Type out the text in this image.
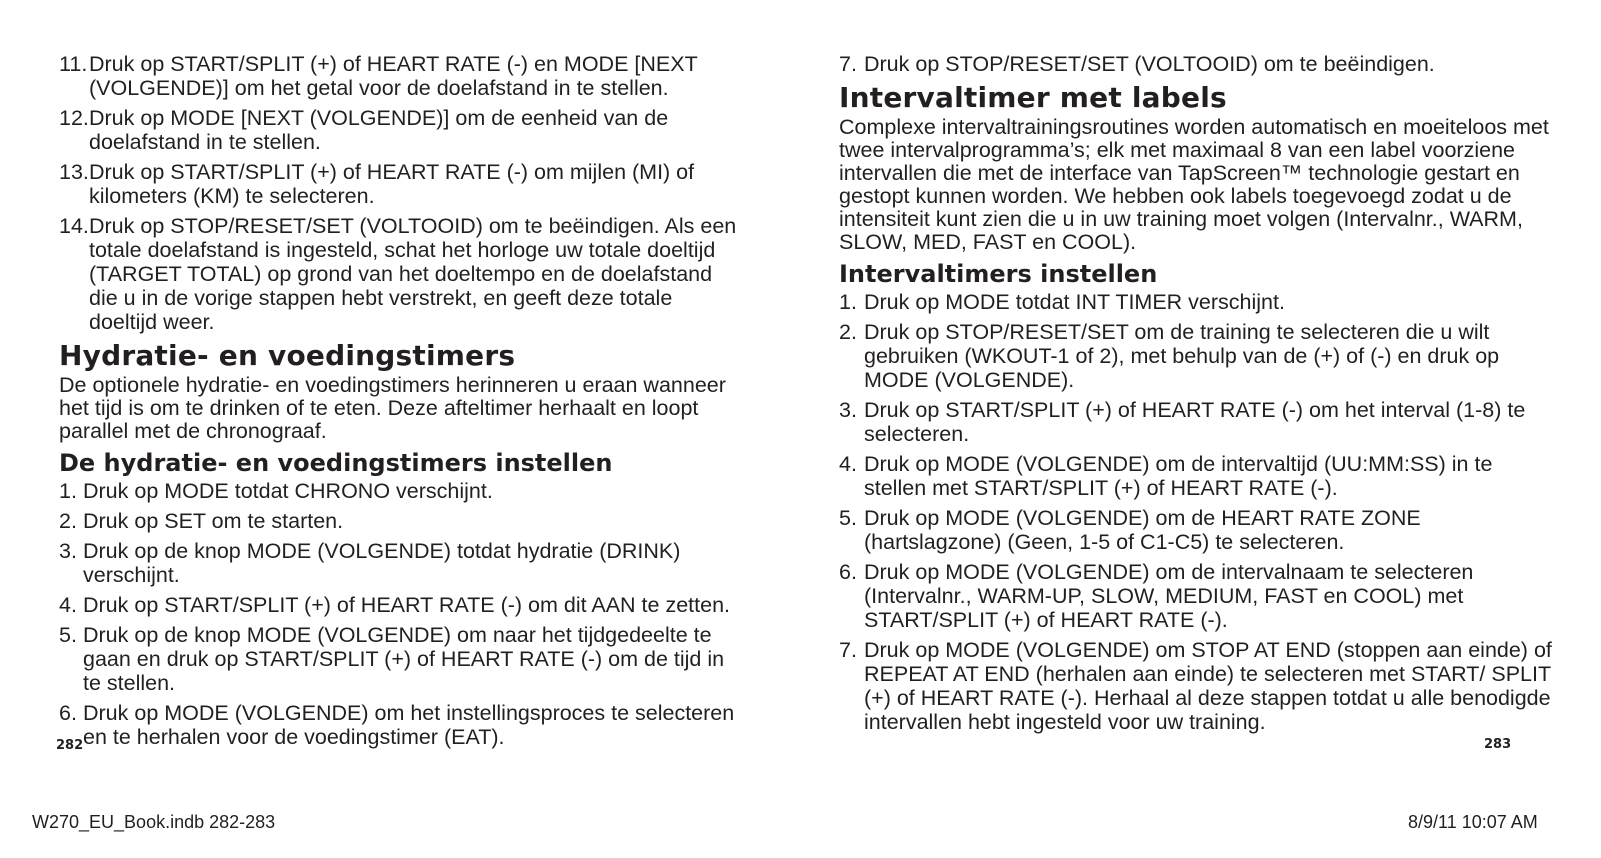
11. Druk op START/SPLIT (+) of HEART RATE (-) en MODE [NEXT (VOLGENDE)] om het getal voor de doelafstand in te stellen.
12. Druk op MODE [NEXT (VOLGENDE)] om de eenheid van de doelafstand in te stellen.
13. Druk op START/SPLIT (+) of HEART RATE (-) om mijlen (MI) of kilometers (KM) te selecteren.
14. Druk op STOP/RESET/SET (VOLTOOID) om te beëindigen. Als een totale doelafstand is ingesteld, schat het horloge uw totale doeltijd (TARGET TOTAL) op grond van het doeltempo en de doelafstand die u in de vorige stappen hebt verstrekt, en geeft deze totale doeltijd weer.
Hydratie- en voedingstimers

De optionele hydratie- en voedingstimers herinneren u eraan wanneer het tijd is om te drinken of te eten. Deze afteltimer herhaalt en loopt parallel met de chronograaf.

De hydratie- en voedingstimers instellen
1. Druk op MODE totdat CHRONO verschijnt.
2. Druk op SET om te starten.
3. Druk op de knop MODE (VOLGENDE) totdat hydratie (DRINK) verschijnt.
4. Druk op START/SPLIT (+) of HEART RATE (-) om dit AAN te zetten.
5. Druk op de knop MODE (VOLGENDE) om naar het tijdgedeelte te gaan en druk op START/SPLIT (+) of HEART RATE (-) om de tijd in te stellen.
6. Druk op MODE (VOLGENDE) om het instellingsproces te selecteren en te herhalen voor de voedingstimer (EAT).
282
7. Druk op STOP/RESET/SET (VOLTOOID) om te beëindigen.
Intervaltimer met labels

Complexe intervaltrainingsroutines worden automatisch en moeiteloos met twee intervalprogramma’s; elk met maximaal 8 van een label voorziene intervallen die met de interface van TapScreen™ technologie gestart en gestopt kunnen worden. We hebben ook labels toegevoegd zodat u de intensiteit kunt zien die u in uw training moet volgen (Intervalnr., WARM, SLOW, MED, FAST en COOL).

Intervaltimers instellen
1. Druk op MODE totdat INT TIMER verschijnt.
2. Druk op STOP/RESET/SET om de training te selecteren die u wilt gebruiken (WKOUT-1 of 2), met behulp van de (+) of (-) en druk op MODE (VOLGENDE).
3. Druk op START/SPLIT (+) of HEART RATE (-) om het interval (1-8) te selecteren.
4. Druk op MODE (VOLGENDE) om de intervaltijd (UU:MM:SS) in te stellen met START/SPLIT (+) of HEART RATE (-).
5. Druk op MODE (VOLGENDE) om de HEART RATE ZONE (hartslagzone) (Geen, 1-5 of C1-C5) te selecteren.
6. Druk op MODE (VOLGENDE) om de intervalnaam te selecteren (Intervalnr., WARM-UP, SLOW, MEDIUM, FAST en COOL) met START/SPLIT (+) of HEART RATE (-).
7. Druk op MODE (VOLGENDE) om STOP AT END (stoppen aan einde) of REPEAT AT END (herhalen aan einde) te selecteren met START/ SPLIT (+) of HEART RATE (-). Herhaal al deze stappen totdat u alle benodigde intervallen hebt ingesteld voor uw training.
283
W270_EU_Book.indb 282-283	8/9/11 10:07 AM
